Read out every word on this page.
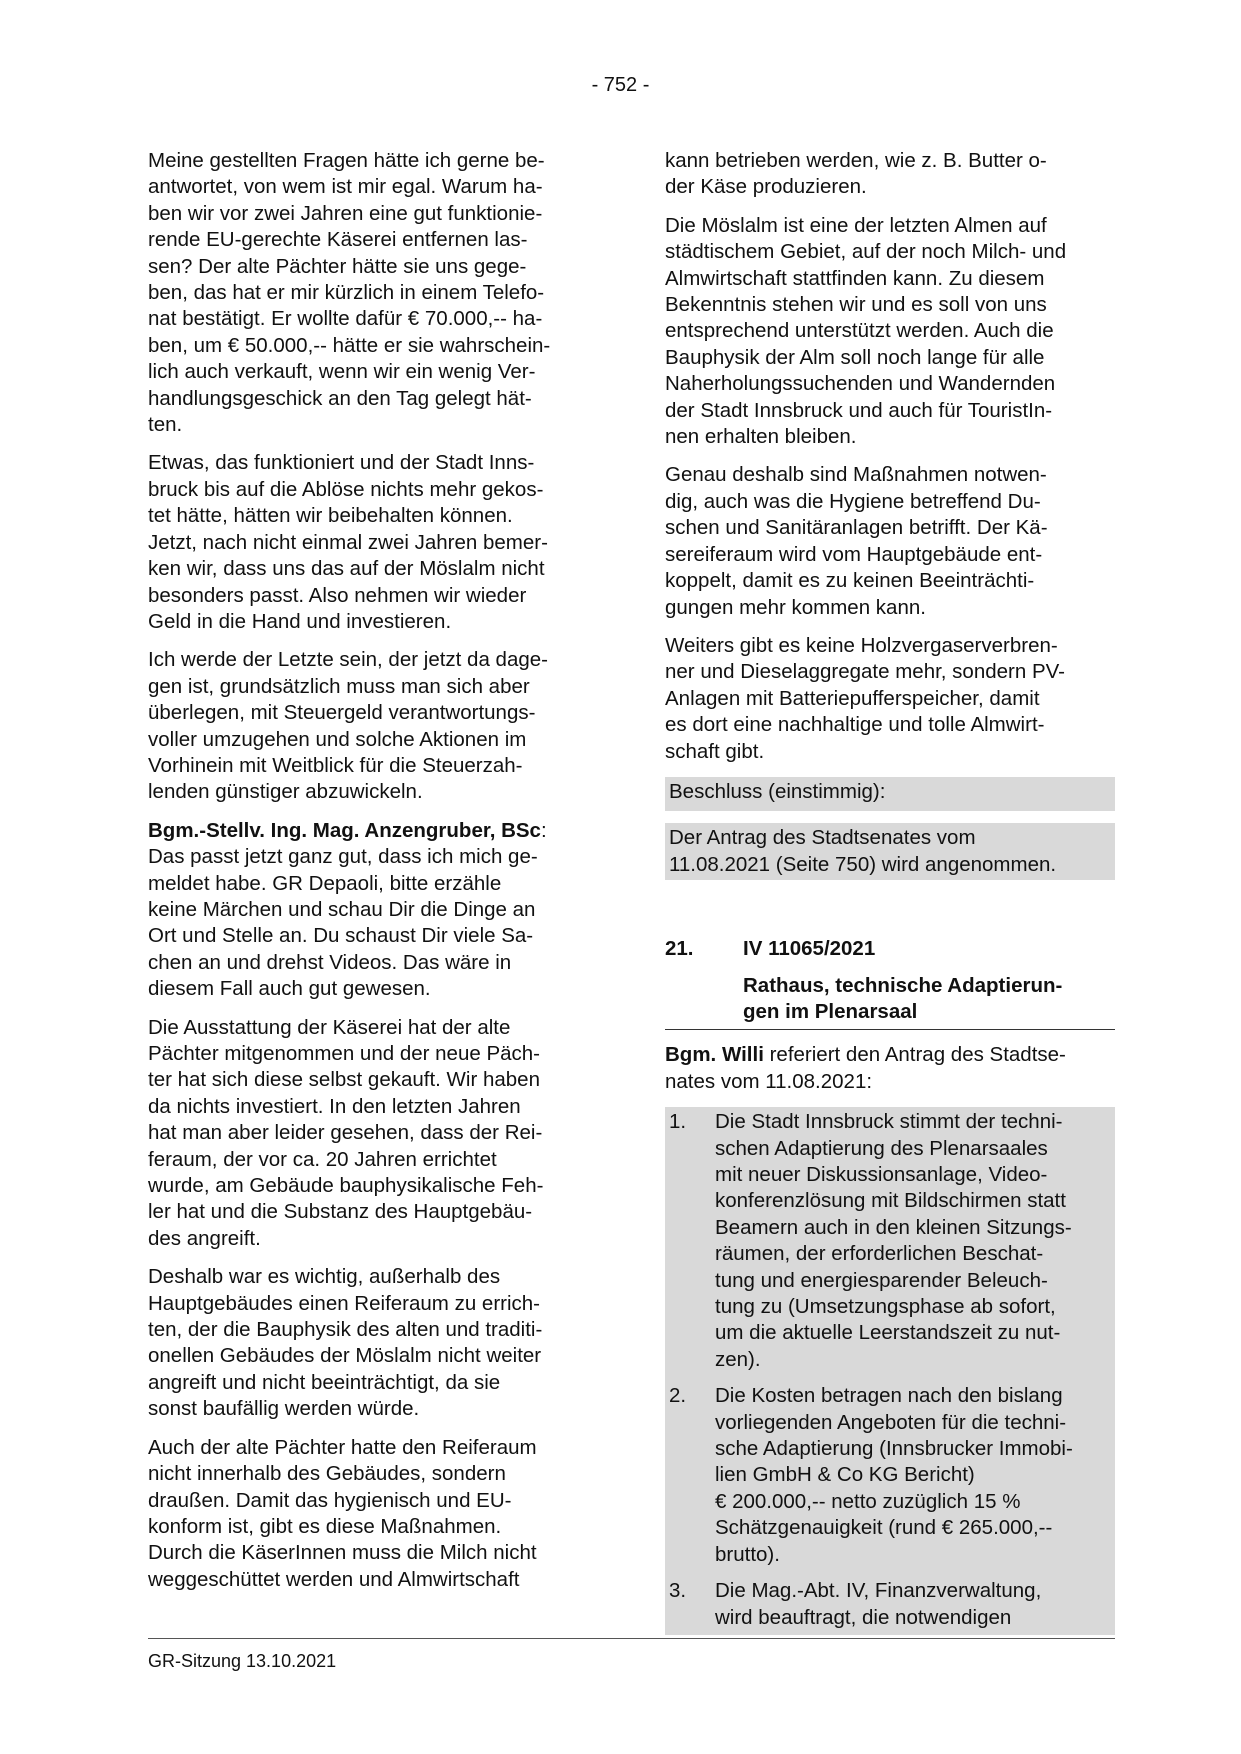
- 752 -

Meine gestellten Fragen hätte ich gerne be-
antwortet, von wem ist mir egal. Warum ha-
ben wir vor zwei Jahren eine gut funktionie-
rende EU-gerechte Käserei entfernen las-
sen? Der alte Pächter hätte sie uns gege-
ben, das hat er mir kürzlich in einem Telefo-
nat bestätigt. Er wollte dafür € 70.000,-- ha-
ben, um € 50.000,-- hätte er sie wahrschein-
lich auch verkauft, wenn wir ein wenig Ver-
handlungsgeschick an den Tag gelegt hät-
ten.

Etwas, das funktioniert und der Stadt Inns-
bruck bis auf die Ablöse nichts mehr gekos-
tet hätte, hätten wir beibehalten können.
Jetzt, nach nicht einmal zwei Jahren bemer-
ken wir, dass uns das auf der Möslalm nicht
besonders passt. Also nehmen wir wieder
Geld in die Hand und investieren.

Ich werde der Letzte sein, der jetzt da dage-
gen ist, grundsätzlich muss man sich aber
überlegen, mit Steuergeld verantwortungs-
voller umzugehen und solche Aktionen im
Vorhinein mit Weitblick für die Steuerzah-
lenden günstiger abzuwickeln.

Bgm.-Stellv. Ing. Mag. Anzengruber, BSc:
Das passt jetzt ganz gut, dass ich mich ge-
meldet habe. GR Depaoli, bitte erzähle
keine Märchen und schau Dir die Dinge an
Ort und Stelle an. Du schaust Dir viele Sa-
chen an und drehst Videos. Das wäre in
diesem Fall auch gut gewesen.

Die Ausstattung der Käserei hat der alte
Pächter mitgenommen und der neue Päch-
ter hat sich diese selbst gekauft. Wir haben
da nichts investiert. In den letzten Jahren
hat man aber leider gesehen, dass der Rei-
feraum, der vor ca. 20 Jahren errichtet
wurde, am Gebäude bauphysikalische Feh-
ler hat und die Substanz des Hauptgebäu-
des angreift.

Deshalb war es wichtig, außerhalb des
Hauptgebäudes einen Reiferaum zu errich-
ten, der die Bauphysik des alten und traditi-
onellen Gebäudes der Möslalm nicht weiter
angreift und nicht beeinträchtigt, da sie
sonst baufällig werden würde.

Auch der alte Pächter hatte den Reiferaum
nicht innerhalb des Gebäudes, sondern
draußen. Damit das hygienisch und EU-
konform ist, gibt es diese Maßnahmen.
Durch die KäserInnen muss die Milch nicht
weggeschüttet werden und Almwirtschaft

kann betrieben werden, wie z. B. Butter o-
der Käse produzieren.

Die Möslalm ist eine der letzten Almen auf
städtischem Gebiet, auf der noch Milch- und
Almwirtschaft stattfinden kann. Zu diesem
Bekenntnis stehen wir und es soll von uns
entsprechend unterstützt werden. Auch die
Bauphysik der Alm soll noch lange für alle
Naherholungssuchenden und Wandernden
der Stadt Innsbruck und auch für TouristIn-
nen erhalten bleiben.

Genau deshalb sind Maßnahmen notwen-
dig, auch was die Hygiene betreffend Du-
schen und Sanitäranlagen betrifft. Der Kä-
sereiferaum wird vom Hauptgebäude ent-
koppelt, damit es zu keinen Beeinträchti-
gungen mehr kommen kann.

Weiters gibt es keine Holzvergaserverbren-
ner und Dieselaggregate mehr, sondern PV-
Anlagen mit Batteriepufferspeicher, damit
es dort eine nachhaltige und tolle Almwirt-
schaft gibt.

Beschluss (einstimmig):

Der Antrag des Stadtsenates vom
11.08.2021 (Seite 750) wird angenommen.

21.	IV 11065/2021
Rathaus, technische Adaptierun-
gen im Plenarsaal

Bgm. Willi referiert den Antrag des Stadtse-
nates vom 11.08.2021:

1.	Die Stadt Innsbruck stimmt der techni-
schen Adaptierung des Plenarsaales
mit neuer Diskussionsanlage, Video-
konferenzlösung mit Bildschirmen statt
Beamern auch in den kleinen Sitzungs-
räumen, der erforderlichen Beschat-
tung und energiesparender Beleuch-
tung zu (Umsetzungsphase ab sofort,
um die aktuelle Leerstandszeit zu nut-
zen).
2.	Die Kosten betragen nach den bislang
vorliegenden Angeboten für die techni-
sche Adaptierung (Innsbrucker Immobi-
lien GmbH & Co KG Bericht)
€ 200.000,-- netto zuzüglich 15 %
Schätzgenauigkeit (rund € 265.000,--
brutto).
3.	Die Mag.-Abt. IV, Finanzverwaltung,
wird beauftragt, die notwendigen
GR-Sitzung 13.10.2021
